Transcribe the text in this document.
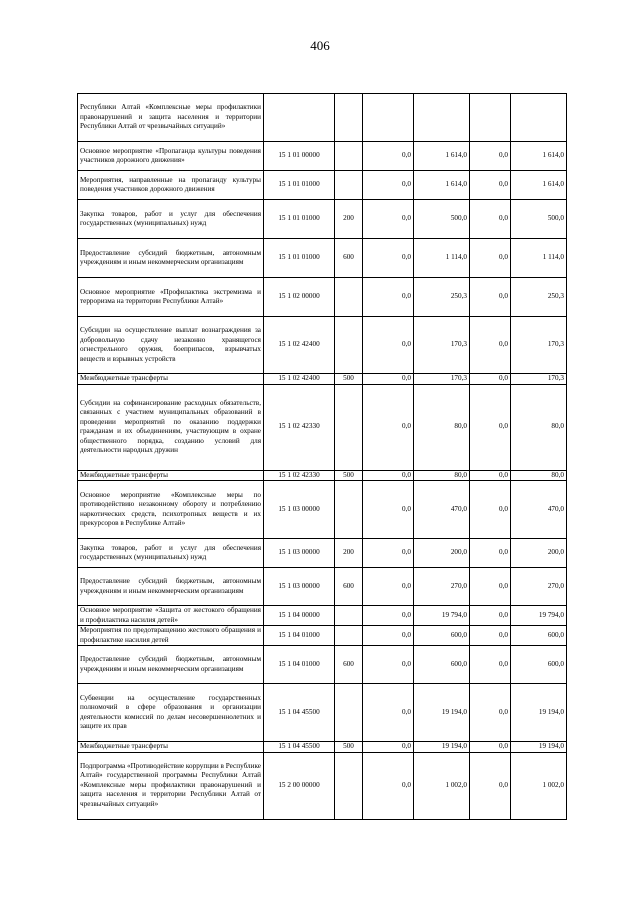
406
Республики Алтай «Комплексные меры профилактики правонарушений и защита населения и территории Республики Алтай от чрезвычайных ситуаций»						
Основное мероприятие «Пропаганда культуры поведения участников дорожного движения»	15 1 01 00000		0,0	1 614,0	0,0	1 614,0
Мероприятия, направленные на пропаганду культуры поведения участников дорожного движения	15 1 01 01000		0,0	1 614,0	0,0	1 614,0
Закупка товаров, работ и услуг для обеспечения государственных (муниципальных) нужд	15 1 01 01000	200	0,0	500,0	0,0	500,0
Предоставление субсидий бюджетным, автономным учреждениям и иным некоммерческим организациям	15 1 01 01000	600	0,0	1 114,0	0,0	1 114,0
Основное мероприятие «Профилактика экстремизма и терроризма на территории Республики Алтай»	15 1 02 00000		0,0	250,3	0,0	250,3
Субсидии на осуществление выплат вознаграждения за добровольную сдачу незаконно хранящегося огнестрельного оружия, боеприпасов, взрывчатых веществ и взрывных устройств	15 1 02 42400		0,0	170,3	0,0	170,3
Межбюджетные трансферты	15 1 02 42400	500	0,0	170,3	0,0	170,3
Субсидии на софинансирование расходных обязательств, связанных с участием муниципальных образований в проведении мероприятий по оказанию поддержки гражданам и их объединениям, участвующим в охране общественного порядка, созданию условий для деятельности народных дружин	15 1 02 42330		0,0	80,0	0,0	80,0
Межбюджетные трансферты	15 1 02 42330	500	0,0	80,0	0,0	80,0
Основное мероприятие «Комплексные меры по противодействию незаконному обороту и потреблению наркотических средств, психотропных веществ и их прекурсоров в Республике Алтай»	15 1 03 00000		0,0	470,0	0,0	470,0
Закупка товаров, работ и услуг для обеспечения государственных (муниципальных) нужд	15 1 03 00000	200	0,0	200,0	0,0	200,0
Предоставление субсидий бюджетным, автономным учреждениям и иным некоммерческим организациям	15 1 03 00000	600	0,0	270,0	0,0	270,0
Основное мероприятие «Защита от жестокого обращения и профилактика насилия детей»	15 1 04 00000		0,0	19 794,0	0,0	19 794,0
Мероприятия по предотвращению жестокого обращения и профилактике насилия детей	15 1 04 01000		0,0	600,0	0,0	600,0
Предоставление субсидий бюджетным, автономным учреждениям и иным некоммерческим организациям	15 1 04 01000	600	0,0	600,0	0,0	600,0
Субвенции на осуществление государственных полномочий в сфере образования и организации деятельности комиссий по делам несовершеннолетних и защите их прав	15 1 04 45500		0,0	19 194,0	0,0	19 194,0
Межбюджетные трансферты	15 1 04 45500	500	0,0	19 194,0	0,0	19 194,0
Подпрограмма «Противодействие коррупции в Республике Алтай» государственной программы Республики Алтай «Комплексные меры профилактики правонарушений и защита населения и территории Республики Алтай от чрезвычайных ситуаций»	15 2 00 00000		0,0	1 002,0	0,0	1 002,0
